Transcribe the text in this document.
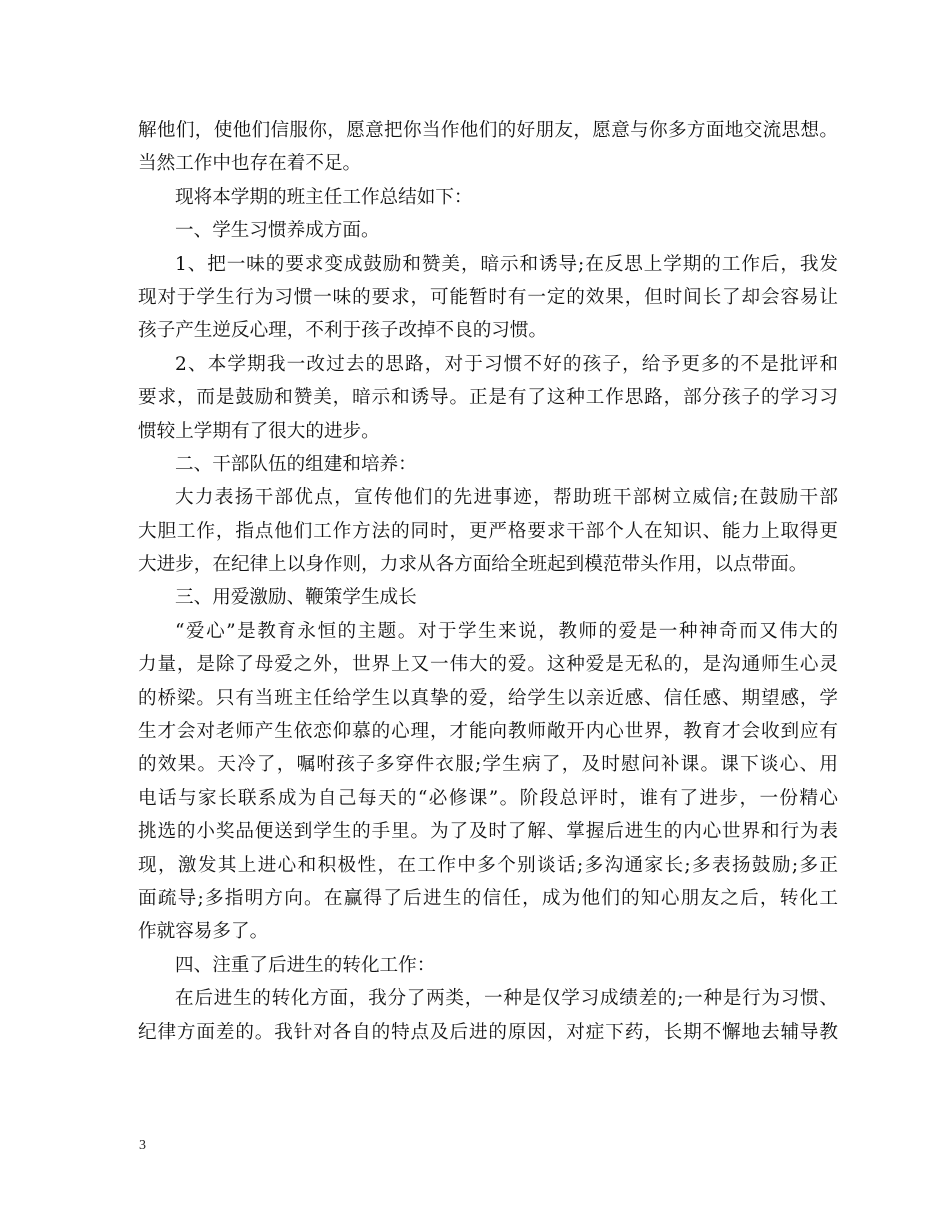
解他们，使他们信服你，愿意把你当作他们的好朋友，愿意与你多方面地交流思想。
当然工作中也存在着不足。
现将本学期的班主任工作总结如下：
一、学生习惯养成方面。
1、把一味的要求变成鼓励和赞美，暗示和诱导;在反思上学期的工作后，我发
现对于学生行为习惯一味的要求，可能暂时有一定的效果，但时间长了却会容易让
孩子产生逆反心理，不利于孩子改掉不良的习惯。
2、本学期我一改过去的思路，对于习惯不好的孩子，给予更多的不是批评和
要求，而是鼓励和赞美，暗示和诱导。正是有了这种工作思路，部分孩子的学习习
惯较上学期有了很大的进步。
二、干部队伍的组建和培养：
大力表扬干部优点，宣传他们的先进事迹，帮助班干部树立威信;在鼓励干部
大胆工作，指点他们工作方法的同时，更严格要求干部个人在知识、能力上取得更
大进步，在纪律上以身作则，力求从各方面给全班起到模范带头作用，以点带面。
三、用爱激励、鞭策学生成长
“爱心”是教育永恒的主题。对于学生来说，教师的爱是一种神奇而又伟大的
力量，是除了母爱之外，世界上又一伟大的爱。这种爱是无私的，是沟通师生心灵
的桥梁。只有当班主任给学生以真挚的爱，给学生以亲近感、信任感、期望感，学
生才会对老师产生依恋仰慕的心理，才能向教师敞开内心世界，教育才会收到应有
的效果。天冷了，嘱咐孩子多穿件衣服;学生病了，及时慰问补课。课下谈心、用
电话与家长联系成为自己每天的“必修课”。阶段总评时，谁有了进步，一份精心
挑选的小奖品便送到学生的手里。为了及时了解、掌握后进生的内心世界和行为表
现，激发其上进心和积极性，在工作中多个别谈话;多沟通家长;多表扬鼓励;多正
面疏导;多指明方向。在赢得了后进生的信任，成为他们的知心朋友之后，转化工
作就容易多了。
四、注重了后进生的转化工作：
在后进生的转化方面，我分了两类，一种是仅学习成绩差的;一种是行为习惯、
纪律方面差的。我针对各自的特点及后进的原因，对症下药，长期不懈地去辅导教
3
